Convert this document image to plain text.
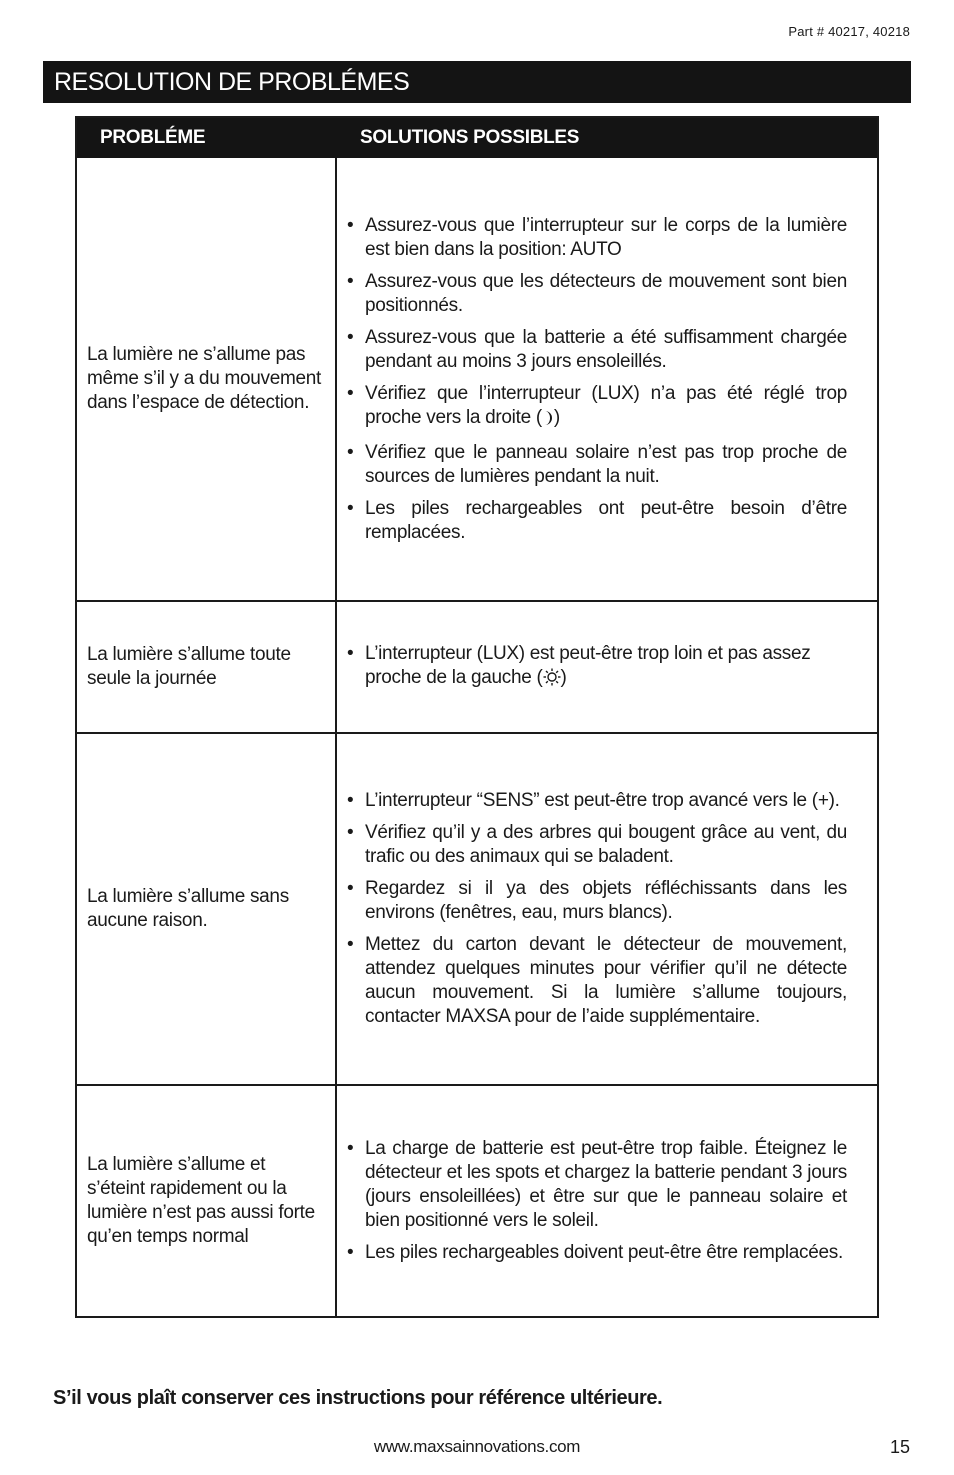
Part # 40217, 40218
RESOLUTION DE PROBLÉMES
PROBLÉME	SOLUTIONS POSSIBLES

La lumière ne s’allume pas même s’il y a du mouvement dans l’espace de détection.

• Assurez-vous que l’interrupteur sur le corps de la lumière est bien dans la position: AUTO
• Assurez-vous que les détecteurs de mouvement sont bien positionnés.
• Assurez-vous que la batterie a été suffisamment chargée pendant au moins 3 jours ensoleillés.
• Vérifiez que l’interrupteur (LUX) n’a pas été réglé trop proche vers la droite ( )
• Vérifiez que le panneau solaire n’est pas trop proche de sources de lumières pendant la nuit.
• Les piles rechargeables ont peut-être besoin d’être remplacées.

La lumière s’allume toute seule la journée

• L’interrupteur (LUX) est peut-être trop loin et pas assez proche de la gauche ( )

La lumière s’allume sans aucune raison.

• L’interrupteur “SENS” est peut-être trop avancé vers le (+).
• Vérifiez qu’il y a des arbres qui bougent grâce au vent, du trafic ou des animaux qui se baladent.
• Regardez si il ya des objets réfléchissants dans les environs (fenêtres, eau, murs blancs).
• Mettez du carton devant le détecteur de mouvement, attendez quelques minutes pour vérifier qu’il ne détecte aucun mouvement. Si la lumière s’allume toujours, contacter MAXSA pour de l’aide supplémentaire.

La lumière s’allume et s’éteint rapidement ou la lumière n’est pas aussi forte qu’en temps normal

• La charge de batterie est peut-être trop faible. Éteignez le détecteur et les spots et chargez la batterie pendant 3 jours (jours ensoleillées) et être sur que le panneau solaire et bien positionné vers le soleil.
• Les piles rechargeables doivent peut-être être remplacées.
S’il vous plaît conserver ces instructions pour référence ultérieure.
www.maxsainnovations.com	15
